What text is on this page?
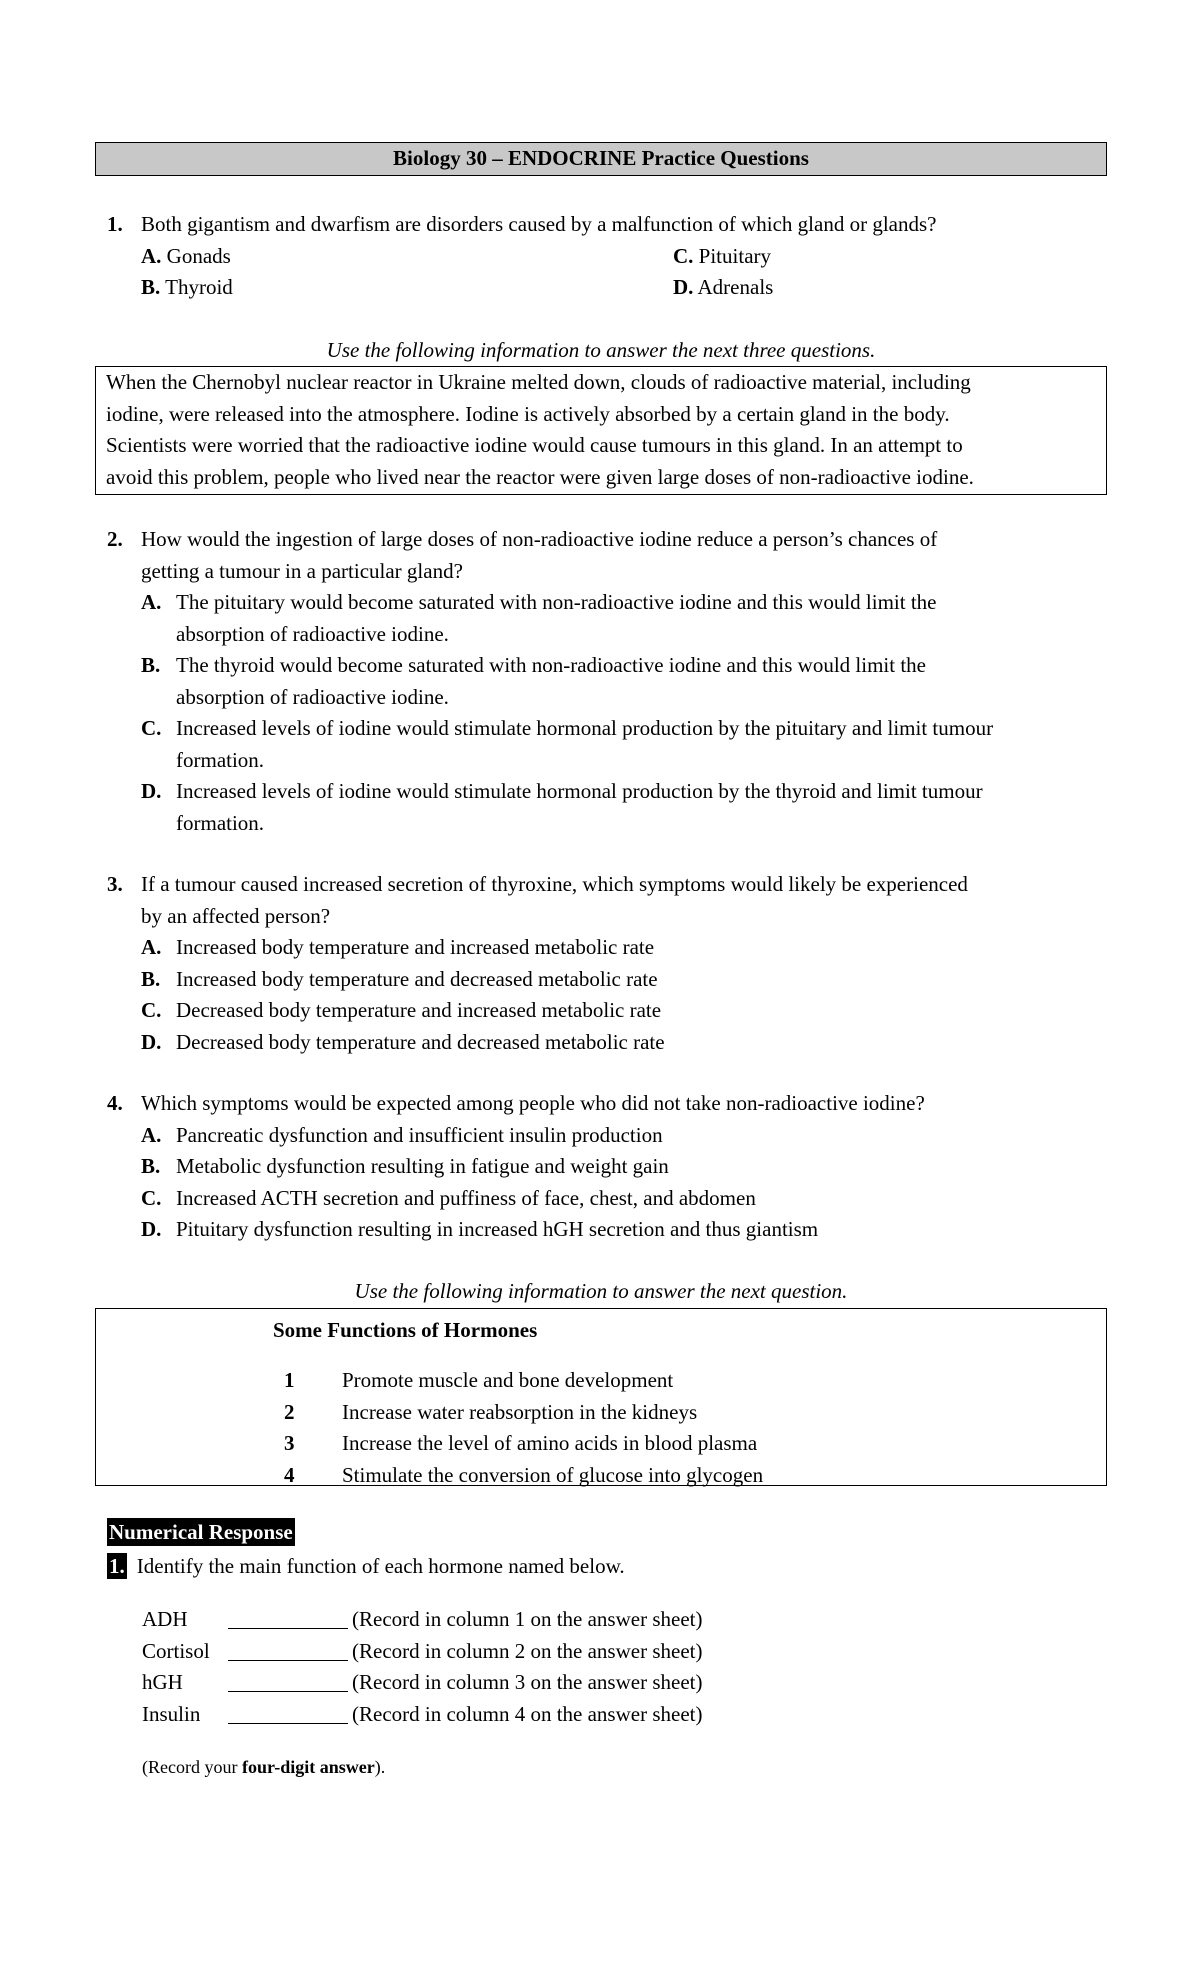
Biology 30 – ENDOCRINE Practice Questions
1. Both gigantism and dwarfism are disorders caused by a malfunction of which gland or glands?
A. Gonads	C. Pituitary
B. Thyroid	D. Adrenals
Use the following information to answer the next three questions.

When the Chernobyl nuclear reactor in Ukraine melted down, clouds of radioactive material, including

iodine, were released into the atmosphere. Iodine is actively absorbed by a certain gland in the body.

Scientists were worried that the radioactive iodine would cause tumours in this gland. In an attempt to

avoid this problem, people who lived near the reactor were given large doses of non-radioactive iodine.

2. How would the ingestion of large doses of non-radioactive iodine reduce a person’s chances of
getting a tumour in a particular gland?
A. The pituitary would become saturated with non-radioactive iodine and this would limit the
absorption of radioactive iodine.
B. The thyroid would become saturated with non-radioactive iodine and this would limit the
absorption of radioactive iodine.
C. Increased levels of iodine would stimulate hormonal production by the pituitary and limit tumour
formation.
D. Increased levels of iodine would stimulate hormonal production by the thyroid and limit tumour
formation.
3. If a tumour caused increased secretion of thyroxine, which symptoms would likely be experienced
by an affected person?
A. Increased body temperature and increased metabolic rate
B. Increased body temperature and decreased metabolic rate
C. Decreased body temperature and increased metabolic rate
D. Decreased body temperature and decreased metabolic rate
4. Which symptoms would be expected among people who did not take non-radioactive iodine?
A. Pancreatic dysfunction and insufficient insulin production
B. Metabolic dysfunction resulting in fatigue and weight gain
C. Increased ACTH secretion and puffiness of face, chest, and abdomen
D. Pituitary dysfunction resulting in increased hGH secretion and thus giantism
Use the following information to answer the next question.
Some Functions of Hormones
1 Promote muscle and bone development
2 Increase water reabsorption in the kidneys
3 Increase the level of amino acids in blood plasma
4 Stimulate the conversion of glucose into glycogen
Numerical Response
1. Identify the main function of each hormone named below.
ADH	(Record in column 1 on the answer sheet)
Cortisol	(Record in column 2 on the answer sheet)
hGH	(Record in column 3 on the answer sheet)
Insulin	(Record in column 4 on the answer sheet)
(Record your four-digit answer).
